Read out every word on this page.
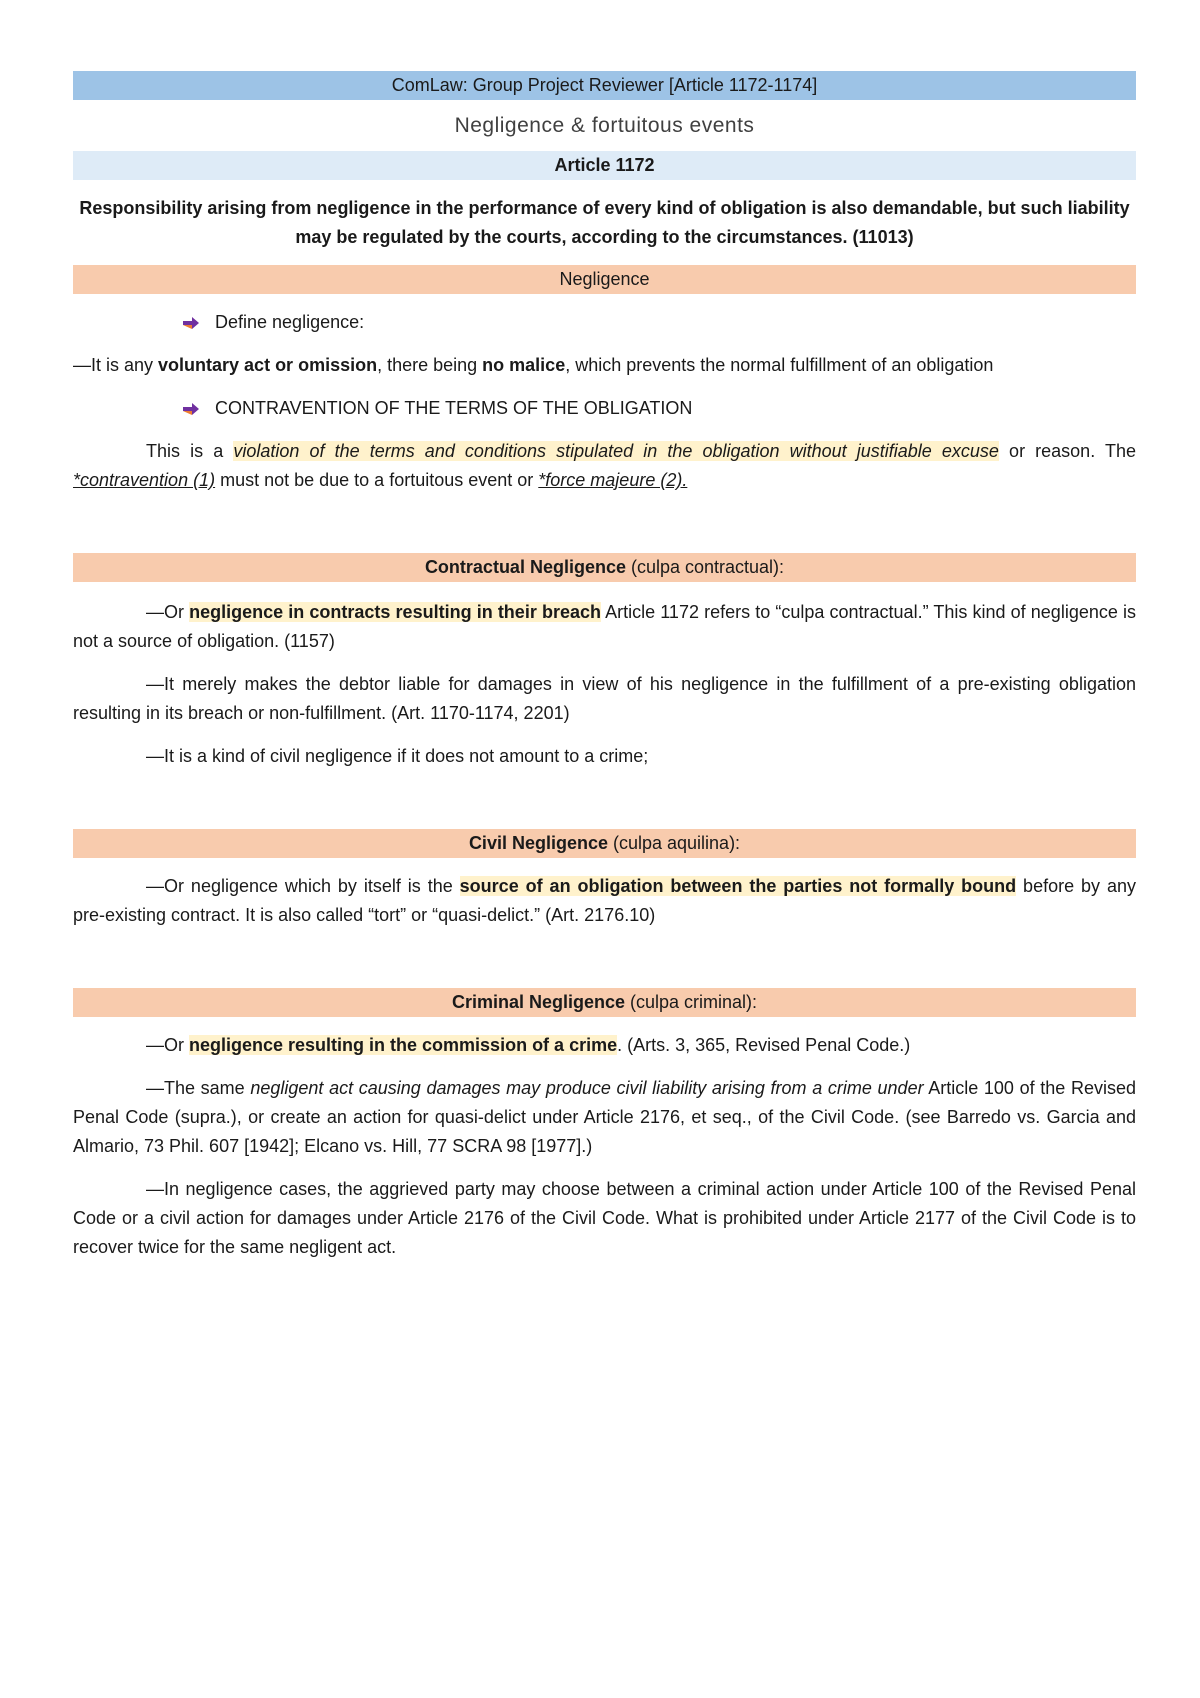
ComLaw: Group Project Reviewer [Article 1172-1174]
Negligence & fortuitous events
Article 1172

Responsibility arising from negligence in the performance of every kind of obligation is also demandable, but such liability may be regulated by the courts, according to the circumstances. (11013)

Negligence

Define negligence:

—It is any voluntary act or omission, there being no malice, which prevents the normal fulfillment of an obligation

CONTRAVENTION OF THE TERMS OF THE OBLIGATION

This is a violation of the terms and conditions stipulated in the obligation without justifiable excuse or reason. The *contravention (1) must not be due to a fortuitous event or *force majeure (2).

Contractual Negligence (culpa contractual):

—Or negligence in contracts resulting in their breach Article 1172 refers to “culpa contractual.” This kind of negligence is not a source of obligation. (1157)

—It merely makes the debtor liable for damages in view of his negligence in the fulfillment of a pre-existing obligation resulting in its breach or non-fulfillment. (Art. 1170-1174, 2201)

—It is a kind of civil negligence if it does not amount to a crime;

Civil Negligence (culpa aquilina):

—Or negligence which by itself is the source of an obligation between the parties not formally bound before by any pre-existing contract. It is also called “tort” or “quasi-delict.” (Art. 2176.10)

Criminal Negligence (culpa criminal):

—Or negligence resulting in the commission of a crime. (Arts. 3, 365, Revised Penal Code.)

—The same negligent act causing damages may produce civil liability arising from a crime under Article 100 of the Revised Penal Code (supra.), or create an action for quasi-delict under Article 2176, et seq., of the Civil Code. (see Barredo vs. Garcia and Almario, 73 Phil. 607 [1942]; Elcano vs. Hill, 77 SCRA 98 [1977].)

—In negligence cases, the aggrieved party may choose between a criminal action under Article 100 of the Revised Penal Code or a civil action for damages under Article 2176 of the Civil Code. What is prohibited under Article 2177 of the Civil Code is to recover twice for the same negligent act.
